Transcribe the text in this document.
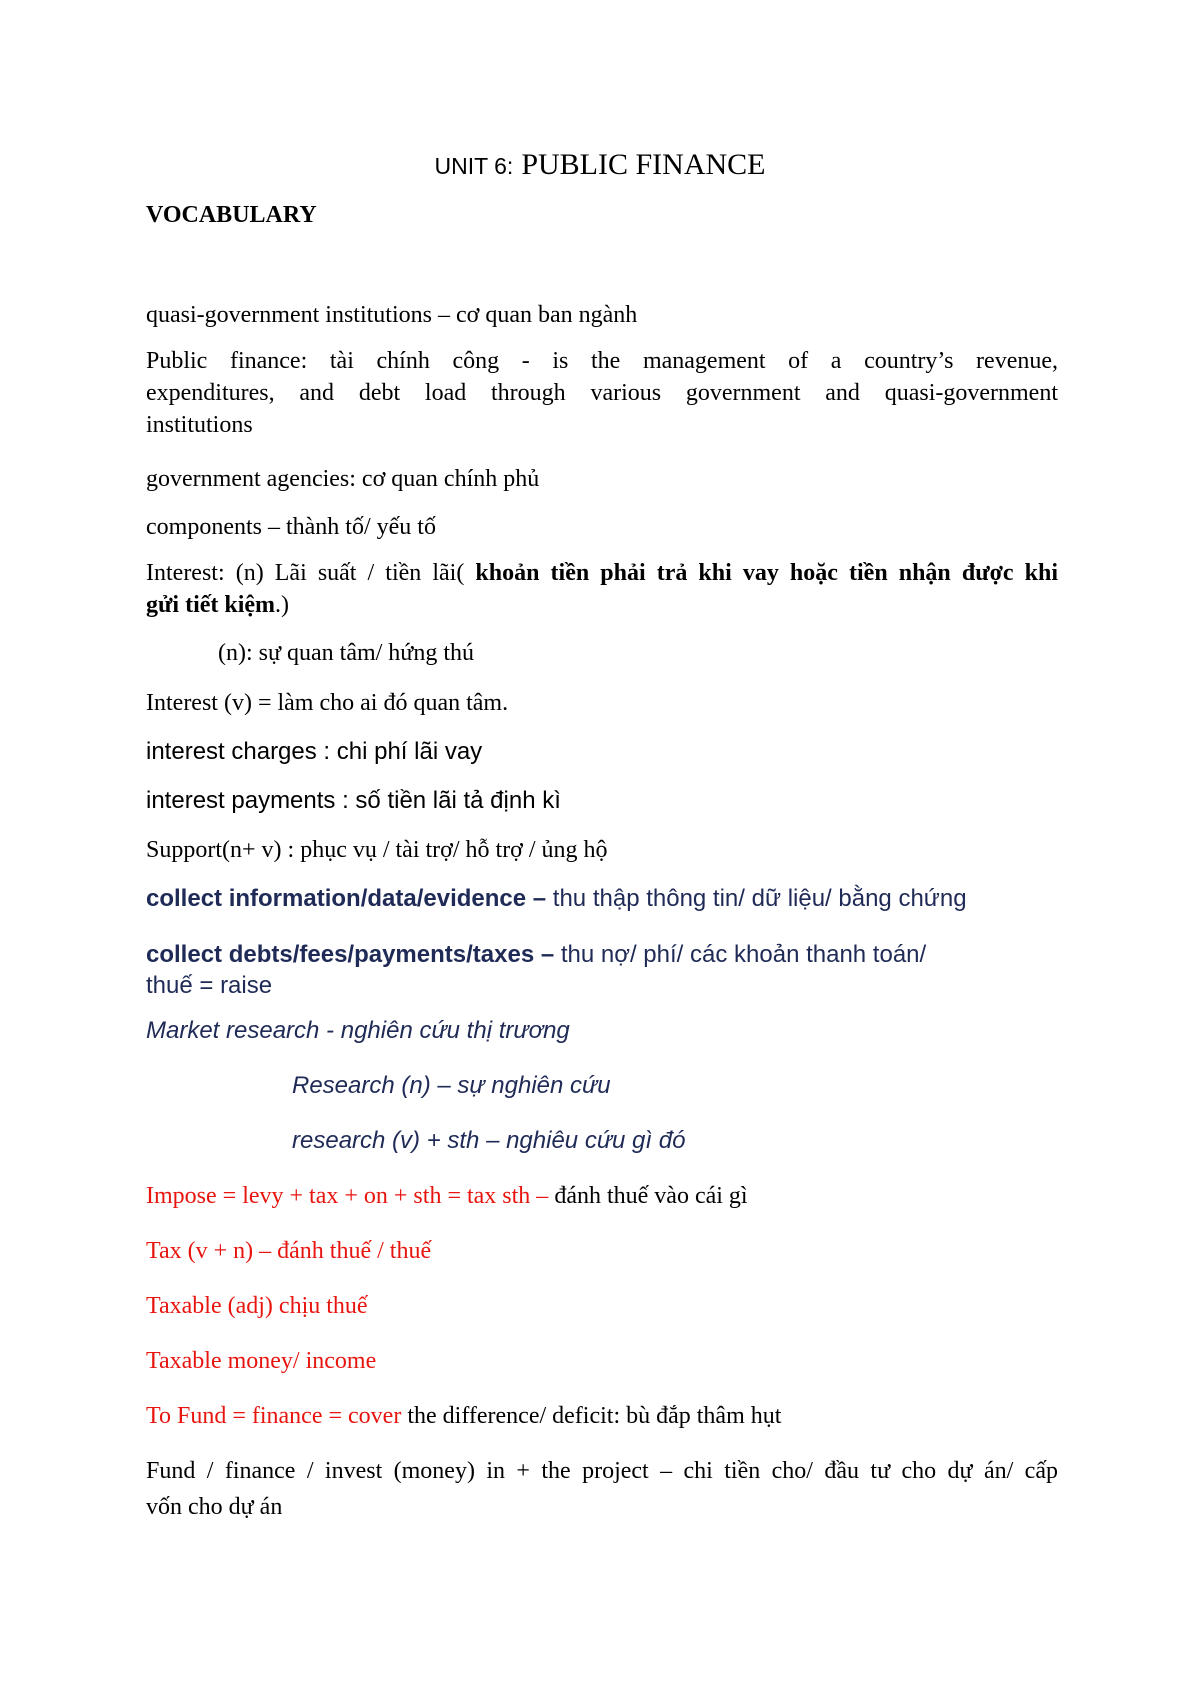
UNIT 6: PUBLIC FINANCE
VOCABULARY

quasi-government institutions – cơ quan ban ngành

Public finance: tài chính công - is the management of a country’s revenue,

expenditures, and debt load through various government and quasi-government

institutions

government agencies: cơ quan chính phủ

components – thành tố/ yếu tố

Interest: (n) Lãi suất / tiền lãi( khoản tiền phải trả khi vay hoặc tiền nhận được khi

gửi tiết kiệm.)

(n): sự quan tâm/ hứng thú

Interest (v) = làm cho ai đó quan tâm.

interest charges : chi phí lãi vay

interest payments : số tiền lãi tả định kì

Support(n+ v) : phục vụ / tài trợ/ hỗ trợ / ủng hộ

collect information/data/evidence – thu thập thông tin/ dữ liệu/ bằng chứng

collect debts/fees/payments/taxes – thu nợ/ phí/ các khoản thanh toán/

thuế = raise

Market research - nghiên cứu thị trương

Research (n) – sự nghiên cứu

research (v) + sth – nghiêu cứu gì đó

Impose = levy + tax + on + sth = tax sth – đánh thuế vào cái gì

Tax (v + n) – đánh thuế / thuế

Taxable (adj) chịu thuế

Taxable money/ income

To Fund = finance = cover the difference/ deficit: bù đắp thâm hụt

Fund / finance / invest (money) in + the project – chi tiền cho/ đầu tư cho dự án/ cấp

vốn cho dự án
